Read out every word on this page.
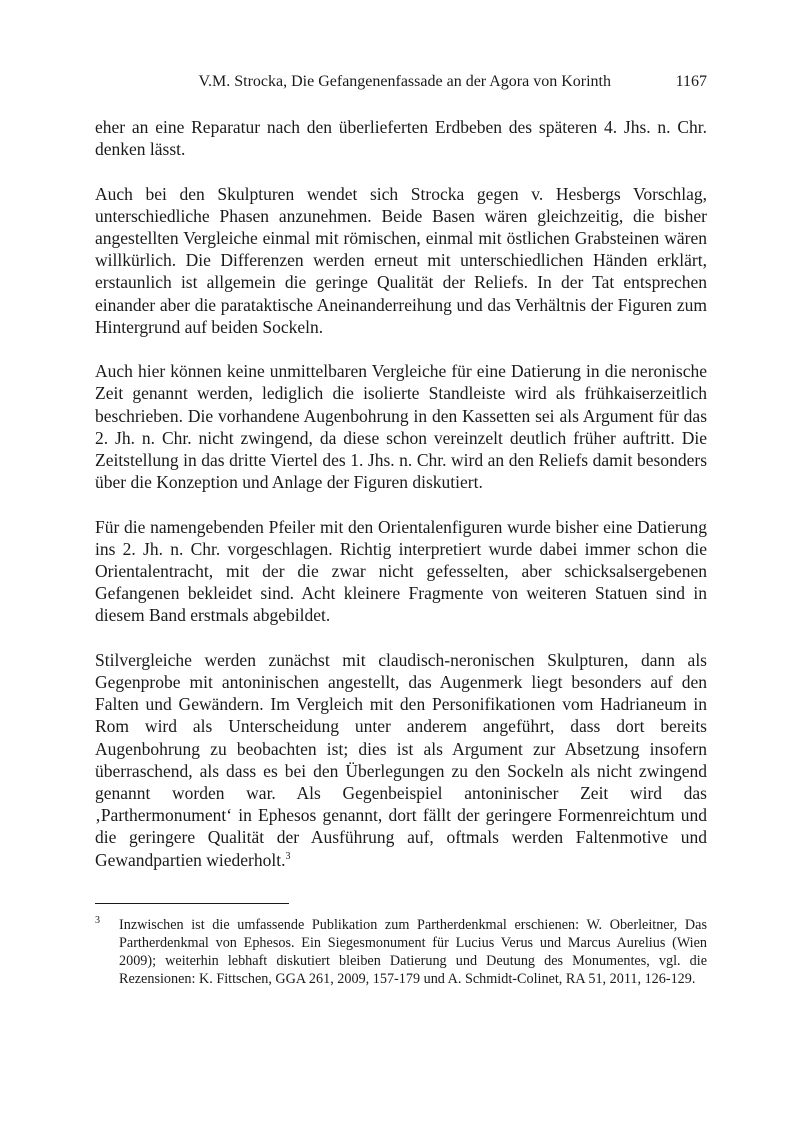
V.M. Strocka, Die Gefangenenfassade an der Agora von Korinth	1167

eher an eine Reparatur nach den überlieferten Erdbeben des späteren 4. Jhs. n. Chr. denken lässt.

Auch bei den Skulpturen wendet sich Strocka gegen v. Hesbergs Vorschlag, unterschiedliche Phasen anzunehmen. Beide Basen wären gleichzeitig, die bisher angestellten Vergleiche einmal mit römischen, einmal mit östlichen Grabsteinen wären willkürlich. Die Differenzen werden erneut mit unterschiedlichen Händen erklärt, erstaunlich ist allgemein die geringe Qualität der Reliefs. In der Tat entsprechen einander aber die parataktische Aneinanderreihung und das Verhältnis der Figuren zum Hintergrund auf beiden Sockeln.

Auch hier können keine unmittelbaren Vergleiche für eine Datierung in die neronische Zeit genannt werden, lediglich die isolierte Standleiste wird als frühkaiserzeitlich beschrieben. Die vorhandene Augenbohrung in den Kassetten sei als Argument für das 2. Jh. n. Chr. nicht zwingend, da diese schon vereinzelt deutlich früher auftritt. Die Zeitstellung in das dritte Viertel des 1. Jhs. n. Chr. wird an den Reliefs damit besonders über die Konzeption und Anlage der Figuren diskutiert.

Für die namengebenden Pfeiler mit den Orientalenfiguren wurde bisher eine Datierung ins 2. Jh. n. Chr. vorgeschlagen. Richtig interpretiert wurde dabei immer schon die Orientalentracht, mit der die zwar nicht gefesselten, aber schicksalsergebenen Gefangenen bekleidet sind. Acht kleinere Fragmente von weiteren Statuen sind in diesem Band erstmals abgebildet.

Stilvergleiche werden zunächst mit claudisch-neronischen Skulpturen, dann als Gegenprobe mit antoninischen angestellt, das Augenmerk liegt besonders auf den Falten und Gewändern. Im Vergleich mit den Personifikationen vom Hadrianeum in Rom wird als Unterscheidung unter anderem angeführt, dass dort bereits Augenbohrung zu beobachten ist; dies ist als Argument zur Absetzung insofern überraschend, als dass es bei den Überlegungen zu den Sockeln als nicht zwingend genannt worden war. Als Gegenbeispiel antoninischer Zeit wird das ‚Parthermonument‘ in Ephesos genannt, dort fällt der geringere Formenreichtum und die geringere Qualität der Ausführung auf, oftmals werden Faltenmotive und Gewandpartien wiederholt.$^3$

3 Inzwischen ist die umfassende Publikation zum Partherdenkmal erschienen: W. Oberleitner, Das Partherdenkmal von Ephesos. Ein Siegesmonument für Lucius Verus und Marcus Aurelius (Wien 2009); weiterhin lebhaft diskutiert bleiben Datierung und Deutung des Monumentes, vgl. die Rezensionen: K. Fittschen, GGA 261, 2009, 157-179 und A. Schmidt-Colinet, RA 51, 2011, 126-129.
